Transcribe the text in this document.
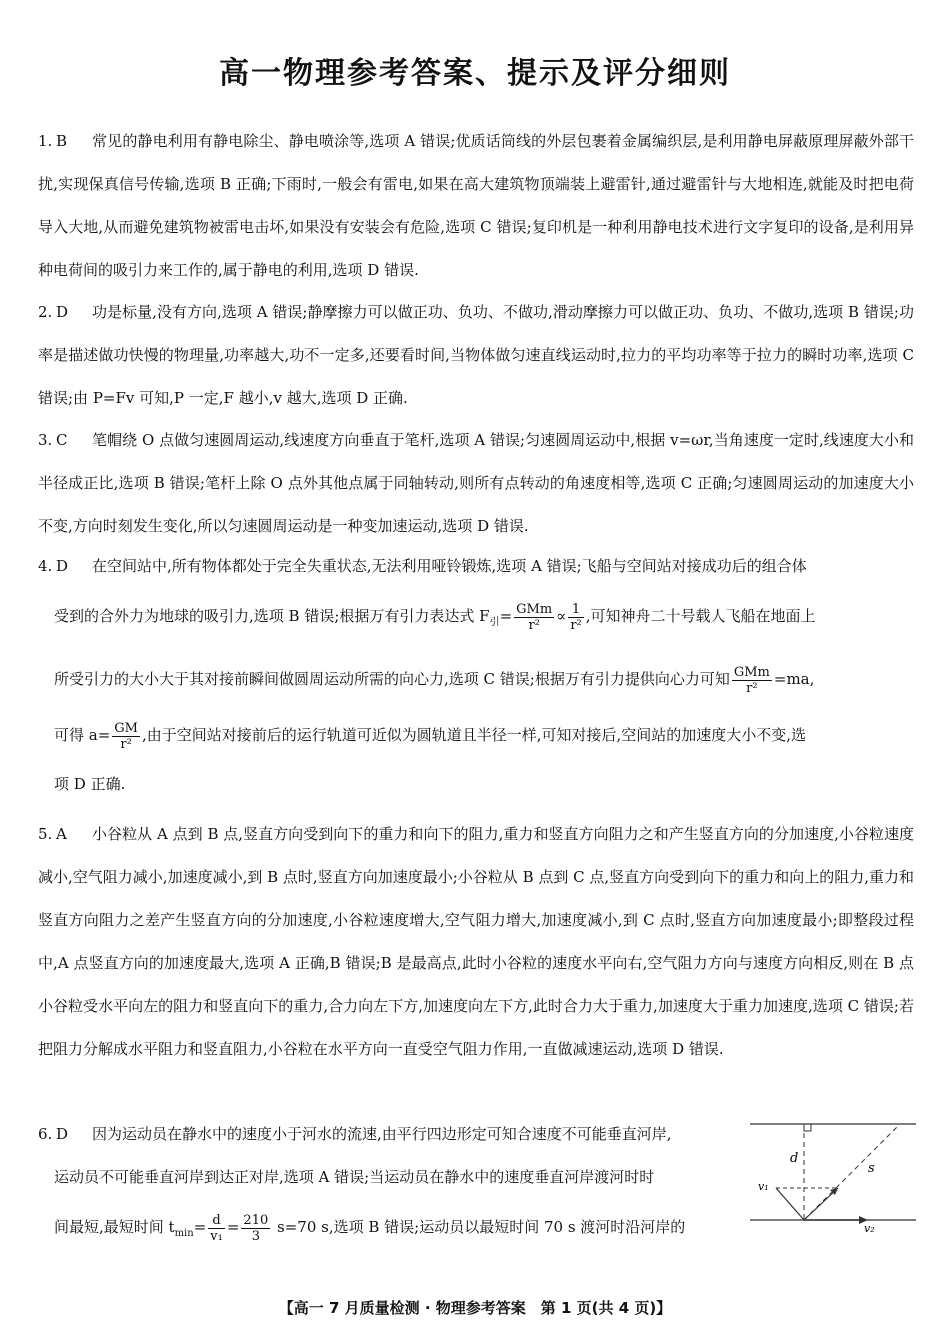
高一物理参考答案、提示及评分细则

1. B 常见的静电利用有静电除尘、静电喷涂等,选项 A 错误;优质话筒线的外层包裹着金属编织层,是利用静电屏蔽原理屏蔽外部干扰,实现保真信号传输,选项 B 正确;下雨时,一般会有雷电,如果在高大建筑物顶端装上避雷针,通过避雷针与大地相连,就能及时把电荷导入大地,从而避免建筑物被雷电击坏,如果没有安装会有危险,选项 C 错误;复印机是一种利用静电技术进行文字复印的设备,是利用异种电荷间的吸引力来工作的,属于静电的利用,选项 D 错误.

2. D 功是标量,没有方向,选项 A 错误;静摩擦力可以做正功、负功、不做功,滑动摩擦力可以做正功、负功、不做功,选项 B 错误;功率是描述做功快慢的物理量,功率越大,功不一定多,还要看时间,当物体做匀速直线运动时,拉力的平均功率等于拉力的瞬时功率,选项 C 错误;由 P=Fv 可知,P 一定,F 越小,v 越大,选项 D 正确.

3. C 笔帽绕 O 点做匀速圆周运动,线速度方向垂直于笔杆,选项 A 错误;匀速圆周运动中,根据 v=ωr,当角速度一定时,线速度大小和半径成正比,选项 B 错误;笔杆上除 O 点外其他点属于同轴转动,则所有点转动的角速度相等,选项 C 正确;匀速圆周运动的加速度大小不变,方向时刻发生变化,所以匀速圆周运动是一种变加速运动,选项 D 错误.

4. D 在空间站中,所有物体都处于完全失重状态,无法利用哑铃锻炼,选项 A 错误;飞船与空间站对接成功后的组合体

受到的合外力为地球的吸引力,选项 B 错误;根据万有引力表达式 $F_引= \frac{\text{GMm}}{\text{r²}} \propto \frac{1}{\text{r²}}$ ,可知神舟二十号载人飞船在地面上

所受引力的大小大于其对接前瞬间做圆周运动所需的向心力,选项 C 错误;根据万有引力提供向心力可知 $\frac{\text{GMm}}{\text{r²}} =ma$,

可得 $a= \frac{GM}{\text{r²}}$ ,由于空间站对接前后的运行轨道可近似为圆轨道且半径一样,可知对接后,空间站的加速度大小不变,选

项 D 正确.

5. A 小谷粒从 A 点到 B 点,竖直方向受到向下的重力和向下的阻力,重力和竖直方向阻力之和产生竖直方向的分加速度,小谷粒速度减小,空气阻力减小,加速度减小,到 B 点时,竖直方向加速度最小;小谷粒从 B 点到 C 点,竖直方向受到向下的重力和向上的阻力,重力和竖直方向阻力之差产生竖直方向的分加速度,小谷粒速度增大,空气阻力增大,加速度减小,到 C 点时,竖直方向加速度最小;即整段过程中,A 点竖直方向的加速度最大,选项 A 正确,B 错误;B 是最高点,此时小谷粒的速度水平向右,空气阻力方向与速度方向相反,则在 B 点小谷粒受水平向左的阻力和竖直向下的重力,合力向左下方,加速度向左下方,此时合力大于重力,加速度大于重力加速度,选项 C 错误;若把阻力分解成水平阻力和竖直阻力,小谷粒在水平方向一直受空气阻力作用,一直做减速运动,选项 D 错误.

6. D 因为运动员在静水中的速度小于河水的流速,由平行四边形定可知合速度不可能垂直河岸,

运动员不可能垂直河岸到达正对岸,选项 A 错误;当运动员在静水中的速度垂直河岸渡河时时

间最短,最短时间 $t_{min}= \frac{d}{\text{v₁}} = \frac{210}{3} s=70$ s,选项 B 错误;运动员以最短时间 70 s 渡河时沿河岸的

d
s
v₁
v₂
【高一 7 月质量检测 · 物理参考答案　第 1 页(共 4 页)】
